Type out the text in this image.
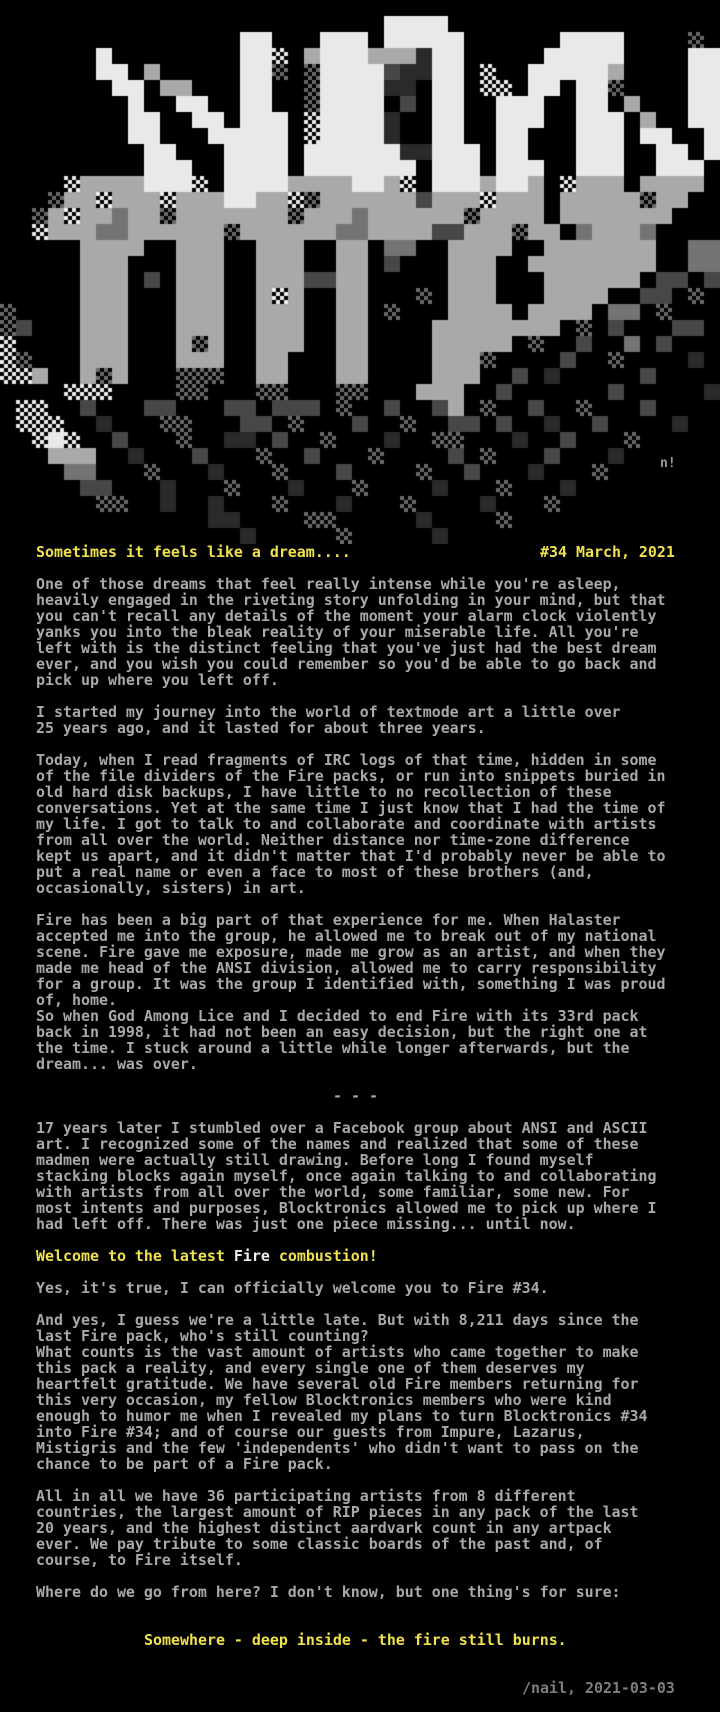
n!
Sometimes it feels like a dream....	#34 March, 2021
One of those dreams that feel really intense while you're asleep,
heavily engaged in the riveting story unfolding in your mind, but that
you can't recall any details of the moment your alarm clock violently
yanks you into the bleak reality of your miserable life. All you're
left with is the distinct feeling that you've just had the best dream
ever, and you wish you could remember so you'd be able to go back and
pick up where you left off.
I started my journey into the world of textmode art a little over
25 years ago, and it lasted for about three years.
Today, when I read fragments of IRC logs of that time, hidden in some
of the file dividers of the Fire packs, or run into snippets buried in
old hard disk backups, I have little to no recollection of these
conversations. Yet at the same time I just know that I had the time of
my life. I got to talk to and collaborate and coordinate with artists
from all over the world. Neither distance nor time-zone difference
kept us apart, and it didn't matter that I'd probably never be able to
put a real name or even a face to most of these brothers (and,
occasionally, sisters) in art.
Fire has been a big part of that experience for me. When Halaster
accepted me into the group, he allowed me to break out of my national
scene. Fire gave me exposure, made me grow as an artist, and when they
made me head of the ANSI division, allowed me to carry responsibility
for a group. It was the group I identified with, something I was proud
of, home.
So when God Among Lice and I decided to end Fire with its 33rd pack
back in 1998, it had not been an easy decision, but the right one at
the time. I stuck around a little while longer afterwards, but the
dream... was over.
- - -
17 years later I stumbled over a Facebook group about ANSI and ASCII
art. I recognized some of the names and realized that some of these
madmen were actually still drawing. Before long I found myself
stacking blocks again myself, once again talking to and collaborating
with artists from all over the world, some familiar, some new. For
most intents and purposes, Blocktronics allowed me to pick up where I
had left off. There was just one piece missing... until now.
Welcome to the latest Fire combustion!
Yes, it's true, I can officially welcome you to Fire #34.
And yes, I guess we're a little late. But with 8,211 days since the
last Fire pack, who's still counting?
What counts is the vast amount of artists who came together to make
this pack a reality, and every single one of them deserves my
heartfelt gratitude. We have several old Fire members returning for
this very occasion, my fellow Blocktronics members who were kind
enough to humor me when I revealed my plans to turn Blocktronics #34
into Fire #34; and of course our guests from Impure, Lazarus,
Mistigris and the few 'independents' who didn't want to pass on the
chance to be part of a Fire pack.
All in all we have 36 participating artists from 8 different
countries, the largest amount of RIP pieces in any pack of the last
20 years, and the highest distinct aardvark count in any artpack
ever. We pay tribute to some classic boards of the past and, of
course, to Fire itself.
Where do we go from here? I don't know, but one thing's for sure:
Somewhere - deep inside - the fire still burns.
/nail, 2021-03-03
